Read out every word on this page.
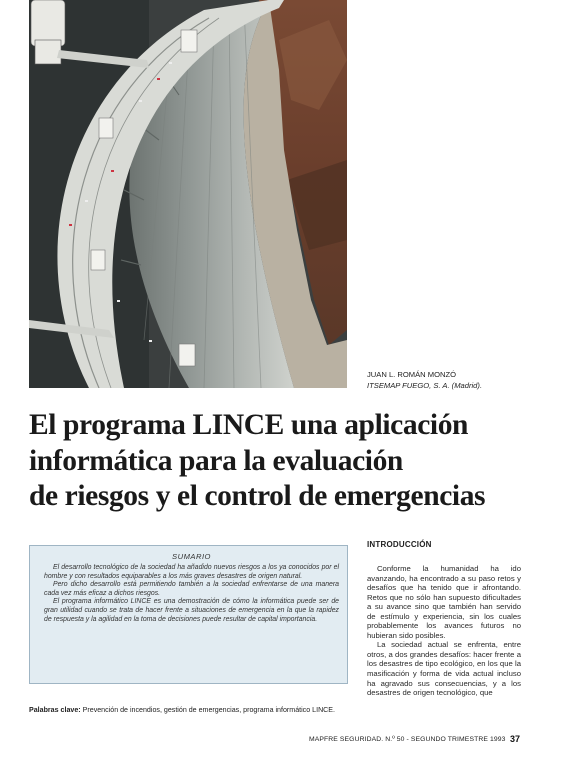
JUAN L. ROMÁN MONZÓ
ITSEMAP FUEGO, S. A. (Madrid).
El programa LINCE una aplicación
informática para la evaluación
de riesgos y el control de emergencias
SUMARIO

El desarrollo tecnológico de la sociedad ha añadido nuevos riesgos a los ya conocidos por el hombre y con resultados equiparables a los más graves desastres de origen natural.

Pero dicho desarrollo está permitiendo también a la sociedad enfrentarse de una manera cada vez más eficaz a dichos riesgos.

El programa informático LINCE es una demostración de cómo la informática puede ser de gran utilidad cuando se trata de hacer frente a situaciones de emergencia en la que la rapidez de respuesta y la agilidad en la toma de decisiones puede resultar de capital importancia.

Palabras clave: Prevención de incendios, gestión de emergencias, programa informático LINCE.
INTRODUCCIÓN

Conforme la humanidad ha ido avanzando, ha encontrado a su paso retos y desafíos que ha tenido que ir afrontando. Retos que no sólo han supuesto dificultades a su avance sino que también han servido de estímulo y experiencia, sin los cuales probablemente los avances futuros no hubieran sido posibles.

La sociedad actual se enfrenta, entre otros, a dos grandes desafíos: hacer frente a los desastres de tipo ecológico, en los que la masificación y forma de vida actual incluso ha agravado sus consecuencias, y a los desastres de origen tecnológico, que

MAPFRE SEGURIDAD. N.º 50 - SEGUNDO TRIMESTRE 1993 37
